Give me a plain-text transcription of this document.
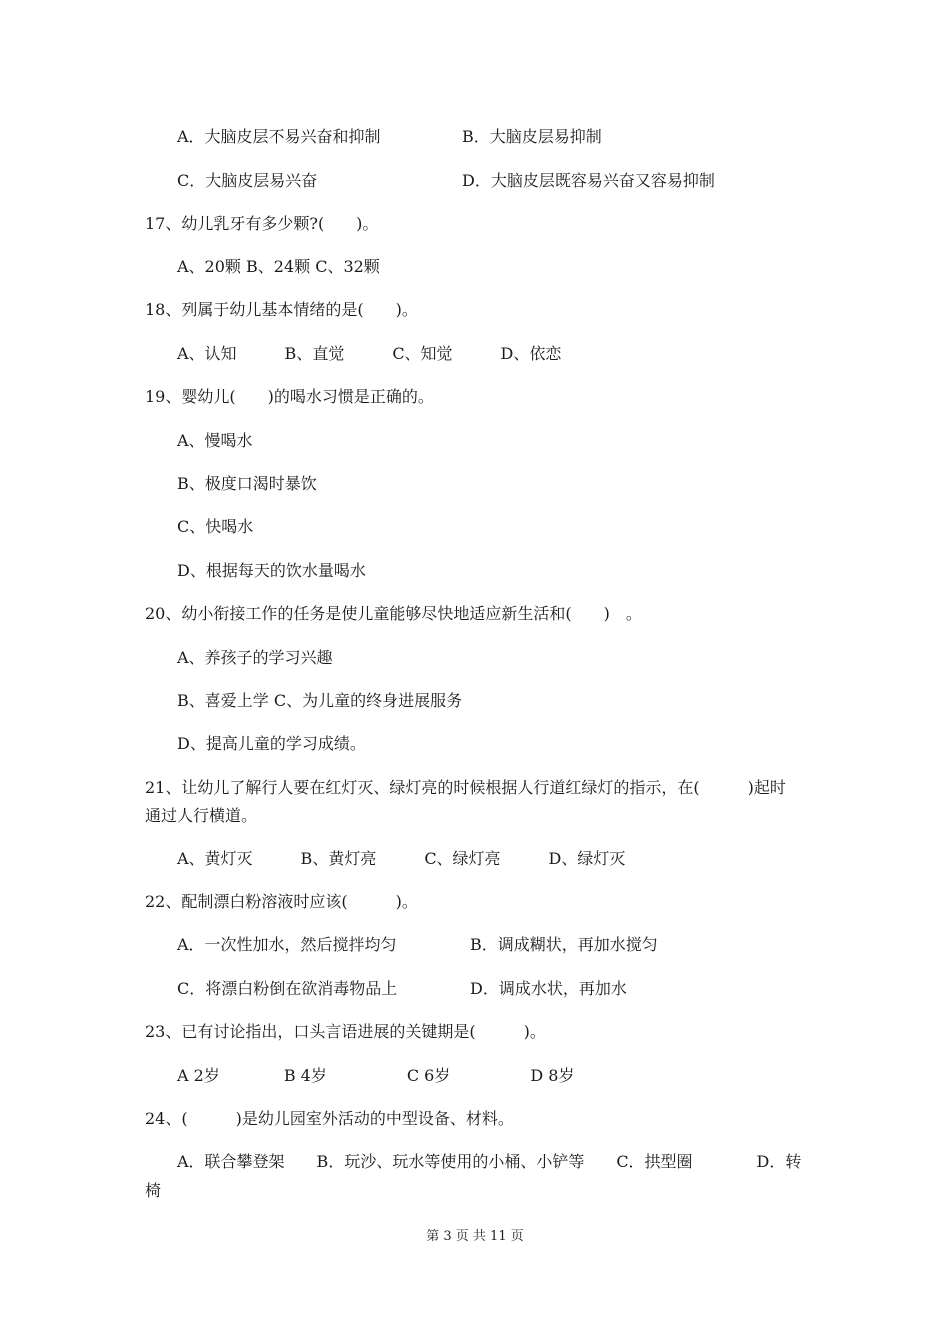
A．大脑皮层不易兴奋和抑制	B．大脑皮层易抑制
C．大脑皮层易兴奋	D．大脑皮层既容易兴奋又容易抑制
17、幼儿乳牙有多少颗?(　　)。
A、20颗 B、24颗 C、32颗
18、列属于幼儿基本情绪的是(　　)。
A、认知　　　B、直觉　　　C、知觉　　　D、依恋
19、婴幼儿(　　)的喝水习惯是正确的。
A、慢喝水
B、极度口渴时暴饮
C、快喝水
D、根据每天的饮水量喝水
20、幼小衔接工作的任务是使儿童能够尽快地适应新生活和(　　)　。
A、养孩子的学习兴趣
B、喜爱上学 C、为儿童的终身进展服务
D、提高儿童的学习成绩。
21、让幼儿了解行人要在红灯灭、绿灯亮的时候根据人行道红绿灯的指示，在(　　　)起时
通过人行横道。
A、黄灯灭　　　B、黄灯亮　　　C、绿灯亮　　　D、绿灯灭
22、配制漂白粉溶液时应该(　　　)。
A．一次性加水，然后搅拌均匀	B．调成糊状，再加水搅匀
C．将漂白粉倒在欲消毒物品上	D．调成水状，再加水
23、已有讨论指出，口头言语进展的关键期是(　　　)。
A 2岁　　　　B 4岁　　　　　C 6岁　　　　　D 8岁
24、(　　　)是幼儿园室外活动的中型设备、材料。
A．联合攀登架　　B．玩沙、玩水等使用的小桶、小铲等　　C．拱型圈　　　　D．转
椅
第 3 页 共 11 页
